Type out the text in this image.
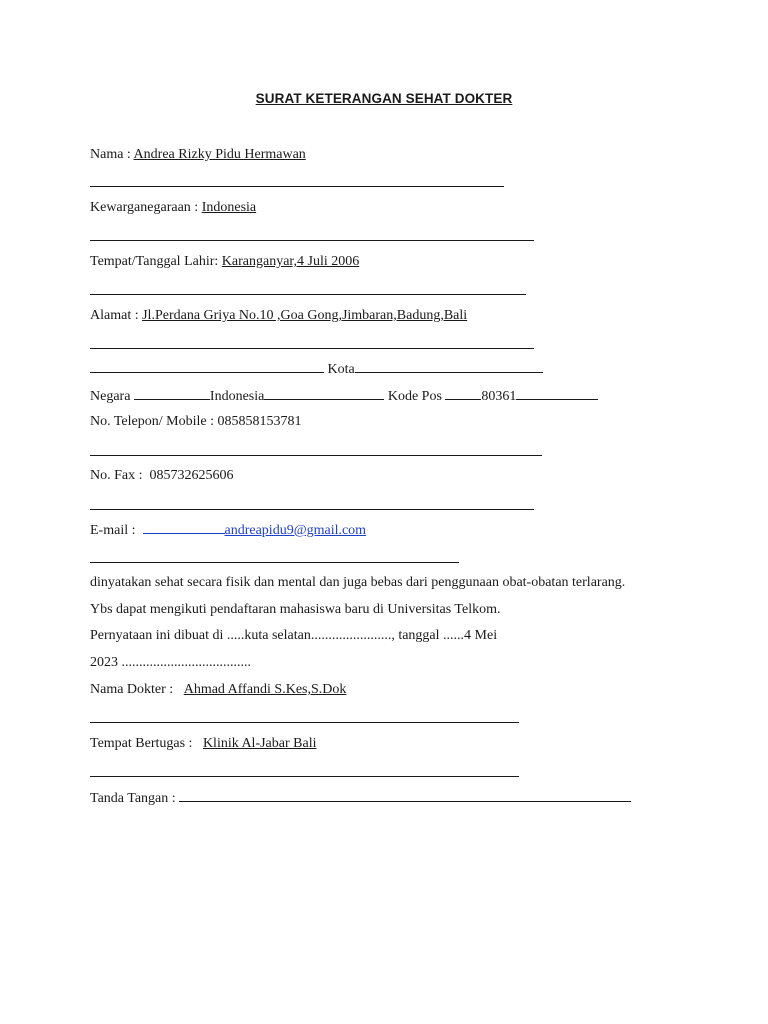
SURAT KETERANGAN SEHAT DOKTER
Nama : Andrea Rizky Pidu Hermawan
Kewarganegaraan : Indonesia
Tempat/Tanggal Lahir: Karanganyar,4 Juli 2006
Alamat : Jl.Perdana Griya No.10 ,Goa Gong,Jimbaran,Badung,Bali
Kota
Negara	Indonesia	Kode Pos	80361
No. Telepon/ Mobile : 085858153781
No. Fax :  085732625606
E-mail :	andreapidu9@gmail.com
dinyatakan sehat secara fisik dan mental dan juga bebas dari penggunaan obat-obatan terlarang.
Ybs dapat mengikuti pendaftaran mahasiswa baru di Universitas Telkom.
Pernyataan ini dibuat di .....kuta selatan......................., tanggal ......4 Mei
2023 .....................................
Nama Dokter :   Ahmad Affandi S.Kes,S.Dok
Tempat Bertugas :   Klinik Al-Jabar Bali
Tanda Tangan :
